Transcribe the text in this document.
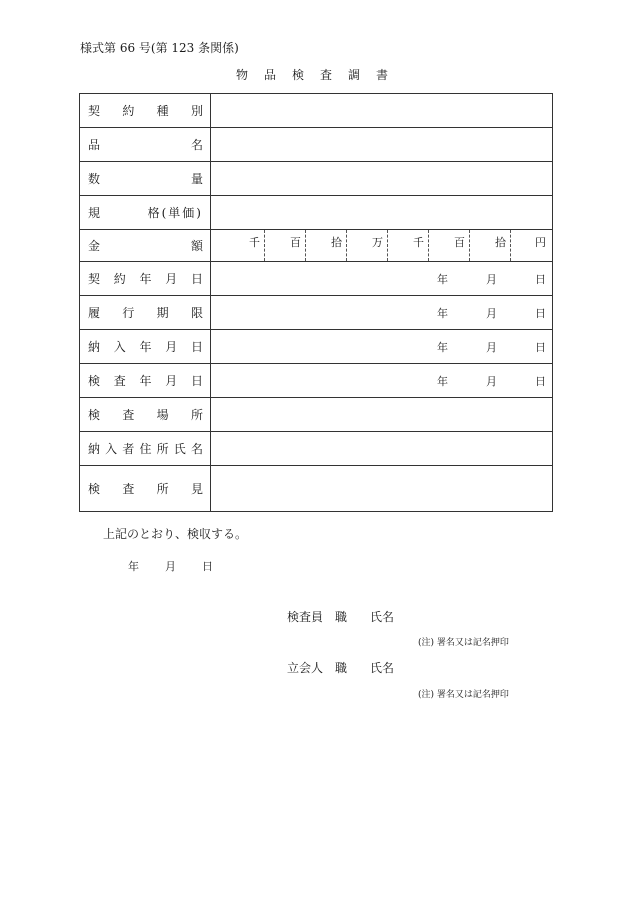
様式第 66 号(第 123 条関係)
物品検査調書
契 約 種 別
品	名
数	量
規	格(単価)
金	額	千	百	拾	万	千	百	拾	円
契 約 年 月 日	年	月	日
履 行 期 限	年	月	日
納 入 年 月 日	年	月	日
検 査 年 月 日	年	月	日
検 査 場 所
納 入 者 住 所 氏 名
検 査 所 見
上記のとおり、検収する。
年 月 日
検査員 職 氏名
(注) 署名又は記名押印
立会人 職 氏名
(注) 署名又は記名押印
